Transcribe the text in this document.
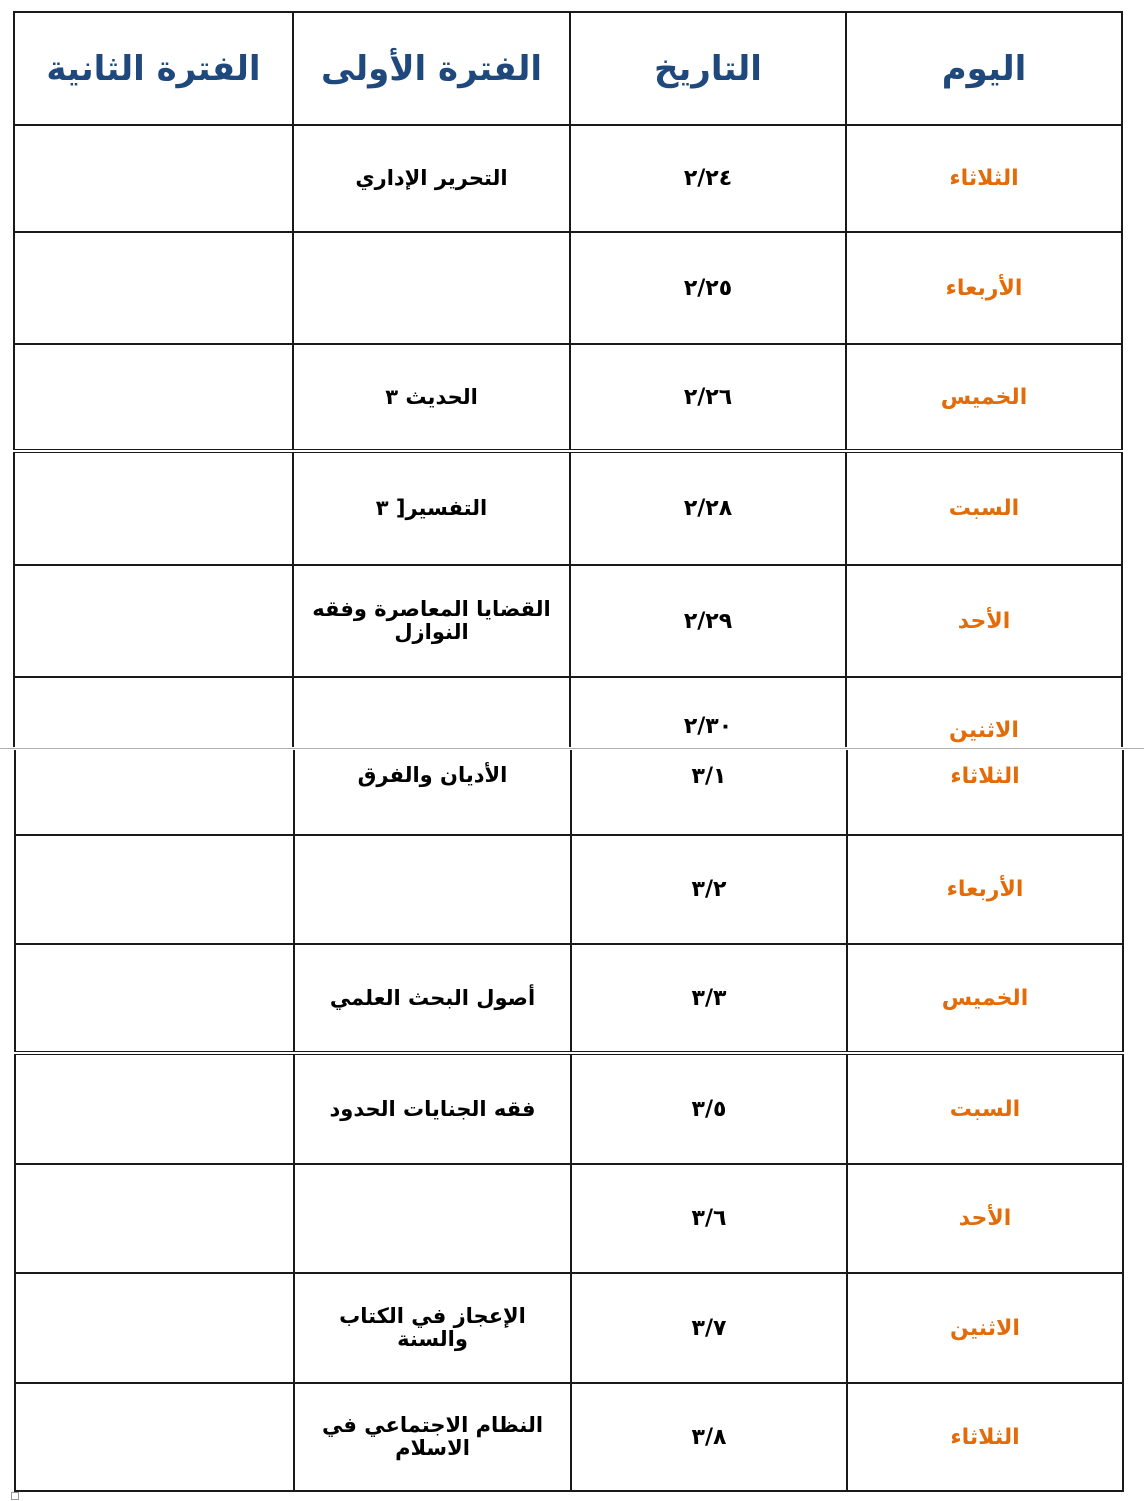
اليوم	التاريخ	الفترة الأولى	الفترة الثانية
الثلاثاء	٢/٢٤	التحرير الإداري	
الأربعاء	٢/٢٥		
الخميس	٢/٢٦	الحديث ٣	
السبت	٢/٢٨	التفسير[ ٣	
الأحد	٢/٢٩	القضايا المعاصرة وفقه النوازل	
الاثنين	٢/٣٠		
الثلاثاء	٣/١	الأديان والفرق	
الأربعاء	٣/٢		
الخميس	٣/٣	أصول البحث العلمي	
السبت	٣/٥	فقه الجنايات الحدود	
الأحد	٣/٦		
الاثنين	٣/٧	الإعجاز في الكتاب والسنة	
الثلاثاء	٣/٨	النظام الاجتماعي في الاسلام	
